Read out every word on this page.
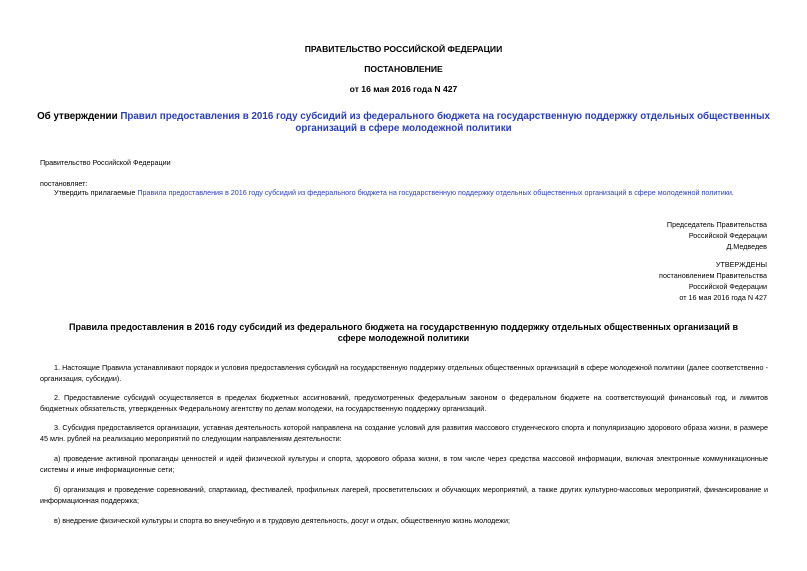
ПРАВИТЕЛЬСТВО РОССИЙСКОЙ ФЕДЕРАЦИИ
ПОСТАНОВЛЕНИЕ
от 16 мая 2016 года N 427
Об утверждении Правил предоставления в 2016 году субсидий из федерального бюджета на государственную поддержку отдельных общественных организаций в сфере молодежной политики
Правительство Российской Федерации
постановляет:
Утвердить прилагаемые Правила предоставления в 2016 году субсидий из федерального бюджета на государственную поддержку отдельных общественных организаций в сфере молодежной политики.
Председатель Правительства
Российской Федерации
Д.Медведев
УТВЕРЖДЕНЫ
постановлением Правительства
Российской Федерации
от 16 мая 2016 года N 427
Правила предоставления в 2016 году субсидий из федерального бюджета на государственную поддержку отдельных общественных организаций в сфере молодежной политики
1. Настоящие Правила устанавливают порядок и условия предоставления субсидий на государственную поддержку отдельных общественных организаций в сфере молодежной политики (далее соответственно - организация, субсидии).
2. Предоставление субсидий осуществляется в пределах бюджетных ассигнований, предусмотренных федеральным законом о федеральном бюджете на соответствующий финансовый год, и лимитов бюджетных обязательств, утвержденных Федеральному агентству по делам молодежи, на государственную поддержку организаций.
3. Субсидия предоставляется организации, уставная деятельность которой направлена на создание условий для развития массового студенческого спорта и популяризацию здорового образа жизни, в размере 45 млн. рублей на реализацию мероприятий по следующим направлениям деятельности:
а) проведение активной пропаганды ценностей и идей физической культуры и спорта, здорового образа жизни, в том числе через средства массовой информации, включая электронные коммуникационные системы и иные информационные сети;
б) организация и проведение соревнований, спартакиад, фестивалей, профильных лагерей, просветительских и обучающих мероприятий, а также других культурно-массовых мероприятий, финансирование и информационная поддержка;
в) внедрение физической культуры и спорта во внеучебную и в трудовую деятельность, досуг и отдых, общественную жизнь молодежи;
